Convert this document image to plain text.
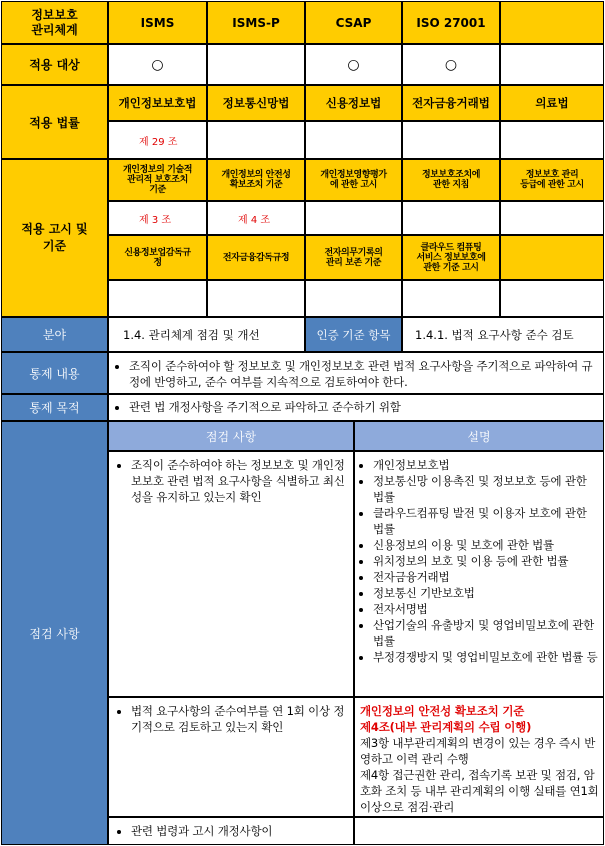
정보보호
관리체계	ISMS	ISMS-P	CSAP	ISO 27001
적용 대상	○	○	○
적용 법률
개인정보보호법	정보통신망법	신용정보법	전자금융거래법	의료법
제 29 조
적용 고시 및
기준
개인정보의 기술적
관리적 보호조치
기준
개인정보의 안전성
확보조치 기준
개인정보영향평가
에 관한 고시
정보보호조치에
관한 지침
정보보호 관리
등급에 관한 고시
제 3 조	제 4 조
신용정보업감독규
정	전자금융감독규정	전자의무기록의
관리 보존 기준
클라우드 컴퓨팅
서비스 정보보호에
관한 기준 고시
분야	1.4. 관리체계 점검 및 개선	인증 기준 항목	1.4.1. 법적 요구사항 준수 검토
통제 내용
• 조직이 준수하여야 할 정보보호 및 개인정보보호 관련 법적 요구사항을 주기적으로 파악하여 규정에 반영하고, 준수 여부를 지속적으로 검토하여야 한다.
통제 목적
•	관련 법 개정사항을 주기적으로 파악하고 준수하기 위함
점검 사항
점검 사항	설명
• 조직이 준수하여야 하는 정보보호 및 개인정보보호 관련 법적 요구사항을 식별하고 최신성을 유지하고 있는지 확인
• 개인정보보호법
• 정보통신망 이용촉진 및 정보보호 등에 관한 법률
• 클라우드컴퓨팅 발전 및 이용자 보호에 관한 법률
• 신용정보의 이용 및 보호에 관한 법률
• 위치정보의 보호 및 이용 등에 관한 법률
• 전자금융거래법
• 정보통신 기반보호법
• 전자서명법
• 산업기술의 유출방지 및 영업비밀보호에 관한 법률
• 부정경쟁방지 및 영업비밀보호에 관한 법률 등
• 법적 요구사항의 준수여부를 연 1회 이상 정기적으로 검토하고 있는지 확인
개인정보의 안전성 확보조치 기준
제4조(내부 관리계획의 수립 이행)
제3항 내부관리계획의 변경이 있는 경우 즉시 반영하고 이력 관리 수행
제4항 접근권한 관리, 접속기록 보관 및 점검, 암호화 조치 등 내부 관리계획의 이행 실태를 연1회 이상으로 점검·관리
• 관련 법령과 고시 개정사항이
